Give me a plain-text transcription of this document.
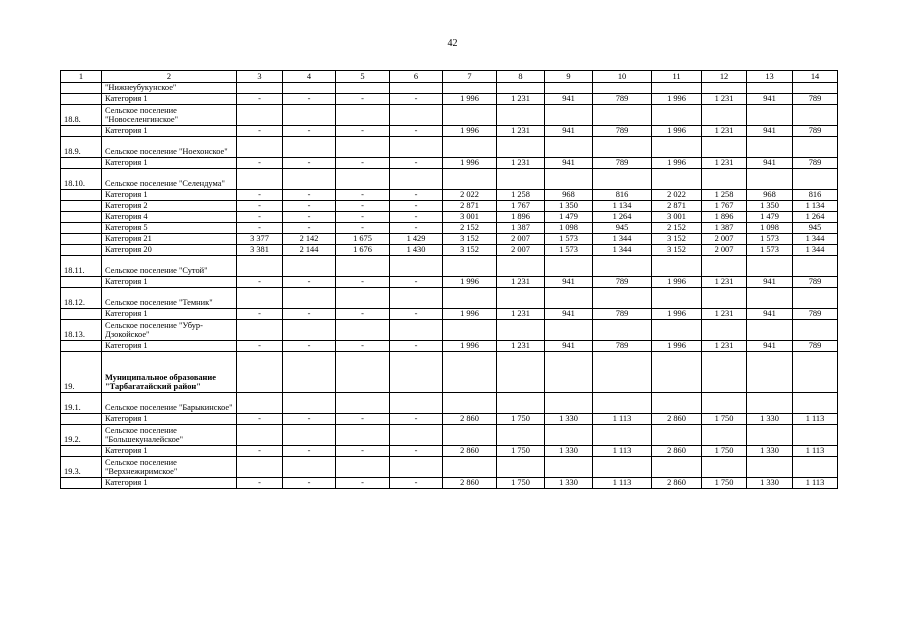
42
1	2	3	4	5	6	7	8	9	10	11	12	13	14
	"Нижнеубукунское"												
	Категория 1	-	-	-	-	1 996	1 231	941	789	1 996	1 231	941	789
18.8.	Сельское поселение "Новоселенгинское"												
	Категория 1	-	-	-	-	1 996	1 231	941	789	1 996	1 231	941	789
18.9.	Сельское поселение "Ноехонское"												
	Категория 1	-	-	-	-	1 996	1 231	941	789	1 996	1 231	941	789
18.10.	Сельское поселение "Селендума"												
	Категория 1	-	-	-	-	2 022	1 258	968	816	2 022	1 258	968	816
	Категория 2	-	-	-	-	2 871	1 767	1 350	1 134	2 871	1 767	1 350	1 134
	Категория 4	-	-	-	-	3 001	1 896	1 479	1 264	3 001	1 896	1 479	1 264
	Категория 5	-	-	-	-	2 152	1 387	1 098	945	2 152	1 387	1 098	945
	Категория 21	3 377	2 142	1 675	1 429	3 152	2 007	1 573	1 344	3 152	2 007	1 573	1 344
	Категория 20	3 381	2 144	1 676	1 430	3 152	2 007	1 573	1 344	3 152	2 007	1 573	1 344
18.11.	Сельское поселение "Сутой"												
	Категория 1	-	-	-	-	1 996	1 231	941	789	1 996	1 231	941	789
18.12.	Сельское поселение "Темник"												
	Категория 1	-	-	-	-	1 996	1 231	941	789	1 996	1 231	941	789
18.13.	Сельское поселение "Убур-Дзокойское"												
	Категория 1	-	-	-	-	1 996	1 231	941	789	1 996	1 231	941	789
19.	Муниципальное образование "Тарбагатайский район"												
19.1.	Сельское поселение "Барыкинское"												
	Категория 1	-	-	-	-	2 860	1 750	1 330	1 113	2 860	1 750	1 330	1 113
19.2.	Сельское поселение "Большекуналейское"												
	Категория 1	-	-	-	-	2 860	1 750	1 330	1 113	2 860	1 750	1 330	1 113
19.3.	Сельское поселение "Верхнежиримское"												
	Категория 1	-	-	-	-	2 860	1 750	1 330	1 113	2 860	1 750	1 330	1 113
